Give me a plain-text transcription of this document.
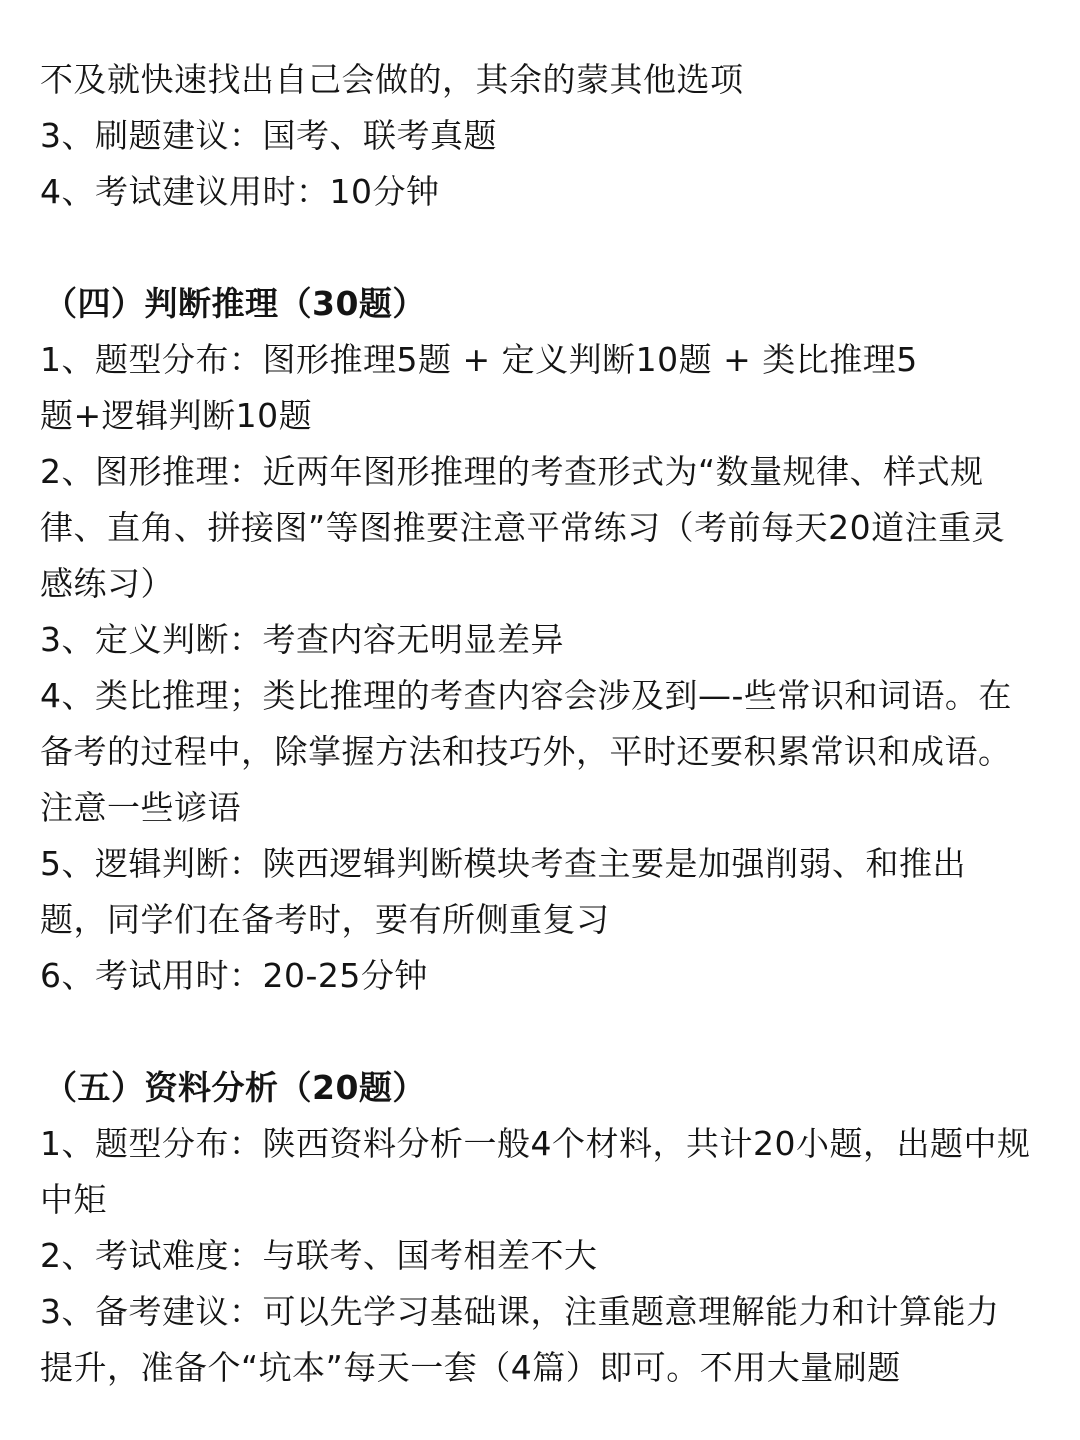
不及就快速找出自己会做的，其余的蒙其他选项
3、刷题建议：国考、联考真题
4、考试建议用时：10分钟
（四）判断推理（30题）
1、题型分布：图形推理5题 + 定义判断10题 + 类比推理5
题+逻辑判断10题
2、图形推理：近两年图形推理的考查形式为“数量规律、样式规
律、直角、拼接图”等图推要注意平常练习（考前每天20道注重灵
感练习）
3、定义判断：考查内容无明显差异
4、类比推理；类比推理的考查内容会涉及到—-些常识和词语。在
备考的过程中，除掌握方法和技巧外，平时还要积累常识和成语。
注意一些谚语
5、逻辑判断：陕西逻辑判断模块考查主要是加强削弱、和推出
题，同学们在备考时，要有所侧重复习
6、考试用时：20-25分钟
（五）资料分析（20题）
1、题型分布：陕西资料分析一般4个材料，共计20小题，出题中规
中矩
2、考试难度：与联考、国考相差不大
3、备考建议：可以先学习基础课，注重题意理解能力和计算能力
提升，准备个“坑本”每天一套（4篇）即可。不用大量刷题
